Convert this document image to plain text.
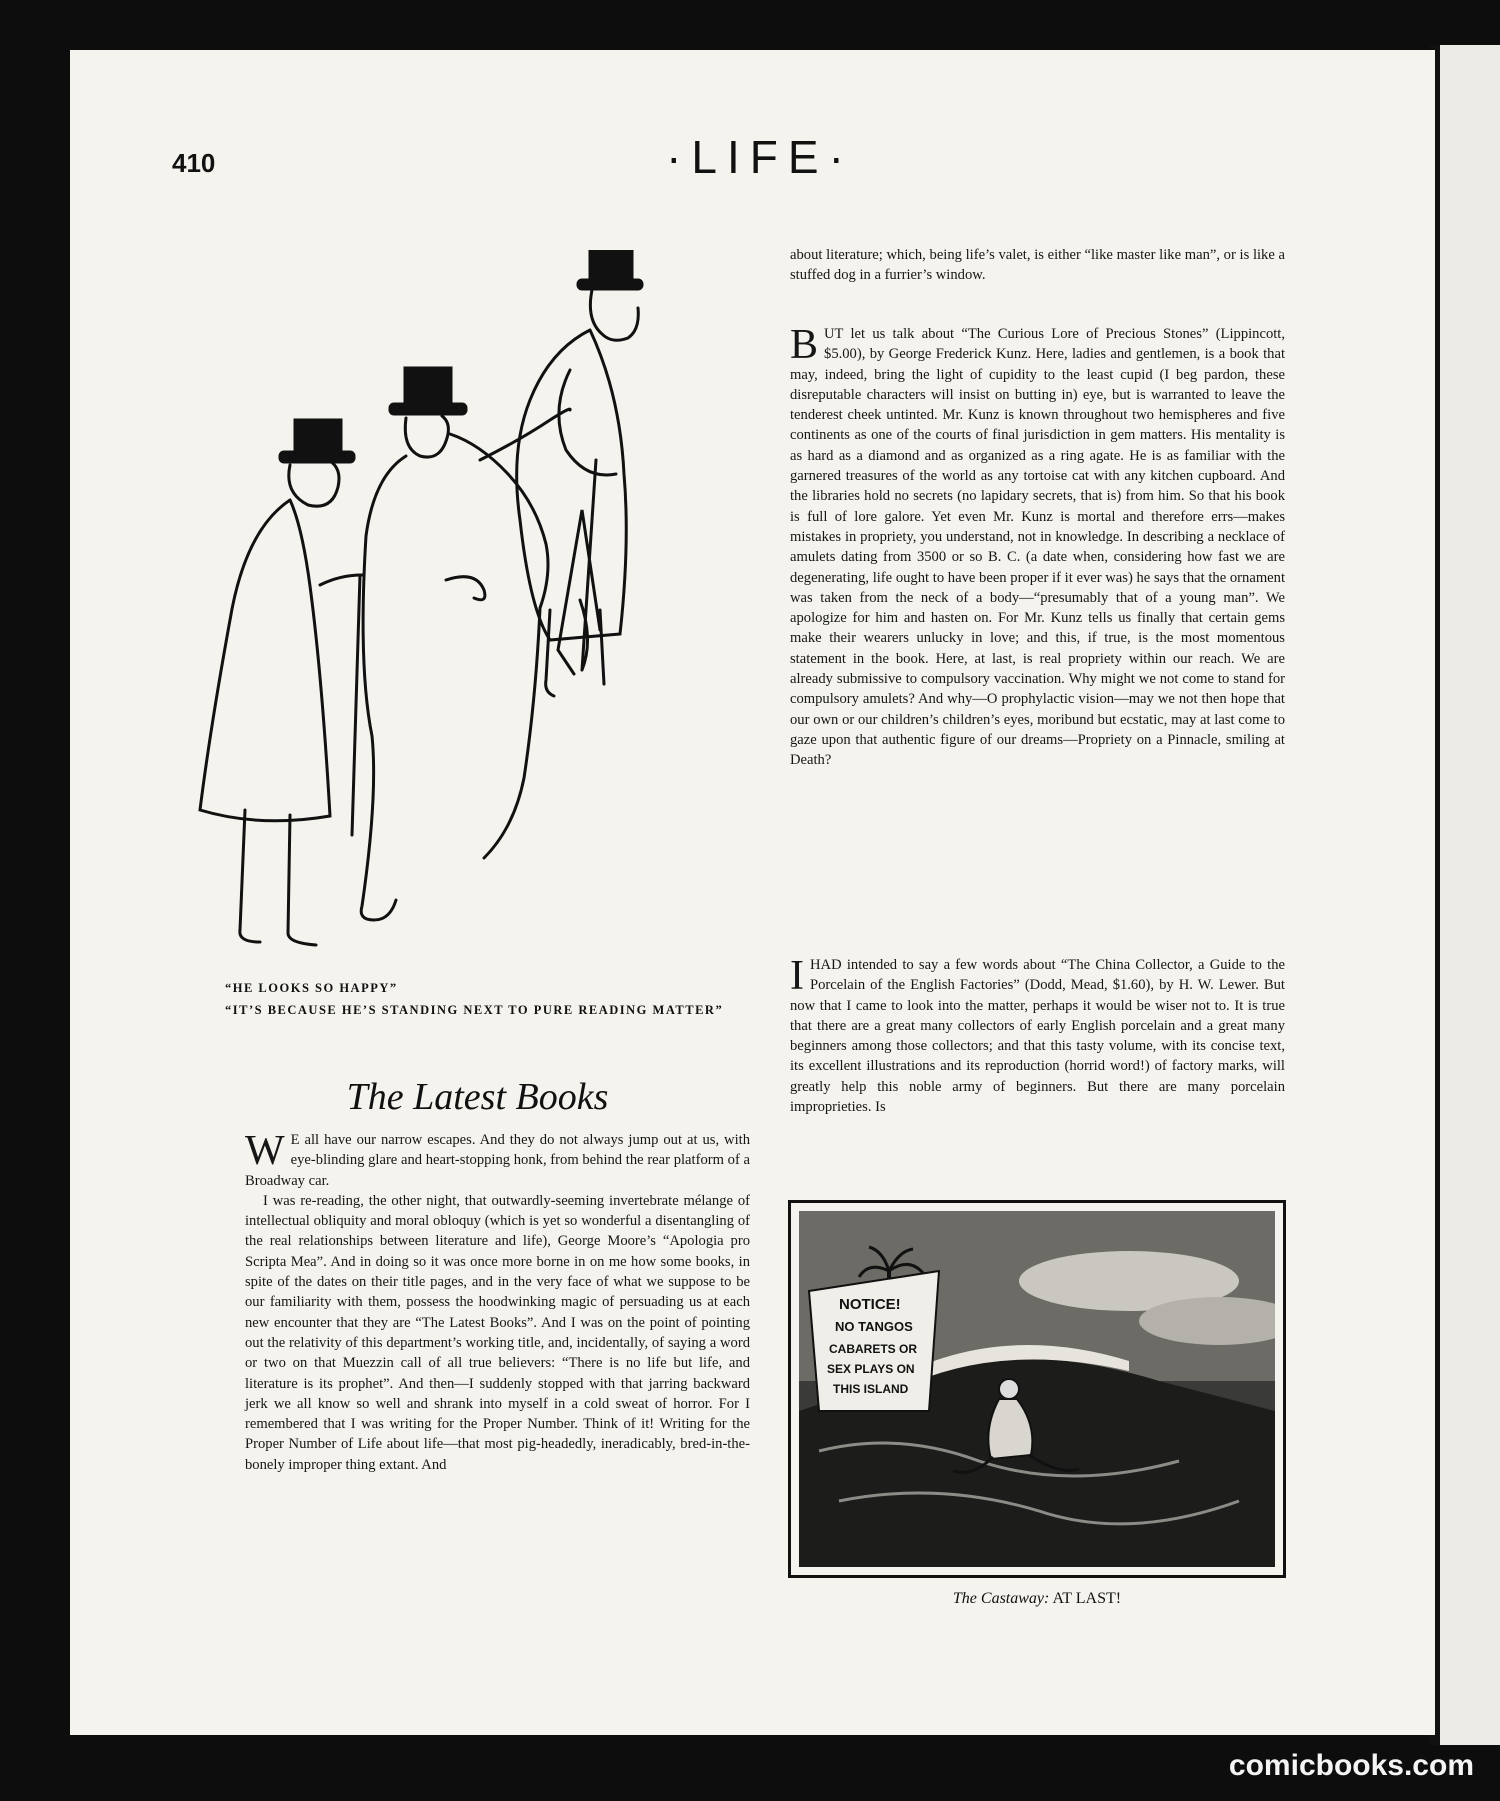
410	·LIFE·
“HE LOOKS SO HAPPY”
“IT’S BECAUSE HE’S STANDING NEXT TO PURE READING MATTER”
The Latest Books

W E all have our narrow escapes. And they do not always jump out at us, with eye-blinding glare and heart-stopping honk, from behind the rear platform of a Broadway car.

I was re-reading, the other night, that outwardly-seeming invertebrate mélange of intellectual obliquity and moral obloquy (which is yet so wonderful a disentangling of the real relationships between literature and life), George Moore’s “Apologia pro Scripta Mea”. And in doing so it was once more borne in on me how some books, in spite of the dates on their title pages, and in the very face of what we suppose to be our familiarity with them, possess the hoodwinking magic of persuading us at each new encounter that they are “The Latest Books”. And I was on the point of pointing out the relativity of this department’s working title, and, incidentally, of saying a word or two on that Muezzin call of all true believers: “There is no life but life, and literature is its prophet”. And then—I suddenly stopped with that jarring backward jerk we all know so well and shrank into myself in a cold sweat of horror. For I remembered that I was writing for the Proper Number. Think of it! Writing for the Proper Number of Life about life—that most pig-headedly, ineradicably, bred-in-the-bonely improper thing extant. And

about literature; which, being life’s valet, is either “like master like man”, or is like a stuffed dog in a furrier’s window.

BUT let us talk about “The Curious Lore of Precious Stones” (Lippincott, $5.00), by George Frederick Kunz. Here, ladies and gentlemen, is a book that may, indeed, bring the light of cupidity to the least cupid (I beg pardon, these disreputable characters will insist on butting in) eye, but is warranted to leave the tenderest cheek untinted. Mr. Kunz is known throughout two hemispheres and five continents as one of the courts of final jurisdiction in gem matters. His mentality is as hard as a diamond and as organized as a ring agate. He is as familiar with the garnered treasures of the world as any tortoise cat with any kitchen cupboard. And the libraries hold no secrets (no lapidary secrets, that is) from him. So that his book is full of lore galore. Yet even Mr. Kunz is mortal and therefore errs—makes mistakes in propriety, you understand, not in knowledge. In describing a necklace of amulets dating from 3500 or so B. C. (a date when, considering how fast we are degenerating, life ought to have been proper if it ever was) he says that the ornament was taken from the neck of a body—“presumably that of a young man”. We apologize for him and hasten on. For Mr. Kunz tells us finally that certain gems make their wearers unlucky in love; and this, if true, is the most momentous statement in the book. Here, at last, is real propriety within our reach. We are already submissive to compulsory vaccination. Why might we not come to stand for compulsory amulets? And why—O prophylactic vision—may we not then hope that our own or our children’s children’s eyes, moribund but ecstatic, may at last come to gaze upon that authentic figure of our dreams—Propriety on a Pinnacle, smiling at Death?

IHAD intended to say a few words about “The China Collector, a Guide to the Porcelain of the English Factories” (Dodd, Mead, $1.60), by H. W. Lewer. But now that I came to look into the matter, perhaps it would be wiser not to. It is true that there are a great many collectors of early English porcelain and a great many beginners among those collectors; and that this tasty volume, with its concise text, its excellent illustrations and its reproduction (horrid word!) of factory marks, will greatly help this noble army of beginners. But there are many porcelain improprieties. Is

NOTICE!
NO TANGOS
CABARETS OR
SEX PLAYS ON
THIS ISLAND
The Castaway: AT LAST!
comicbooks.com
